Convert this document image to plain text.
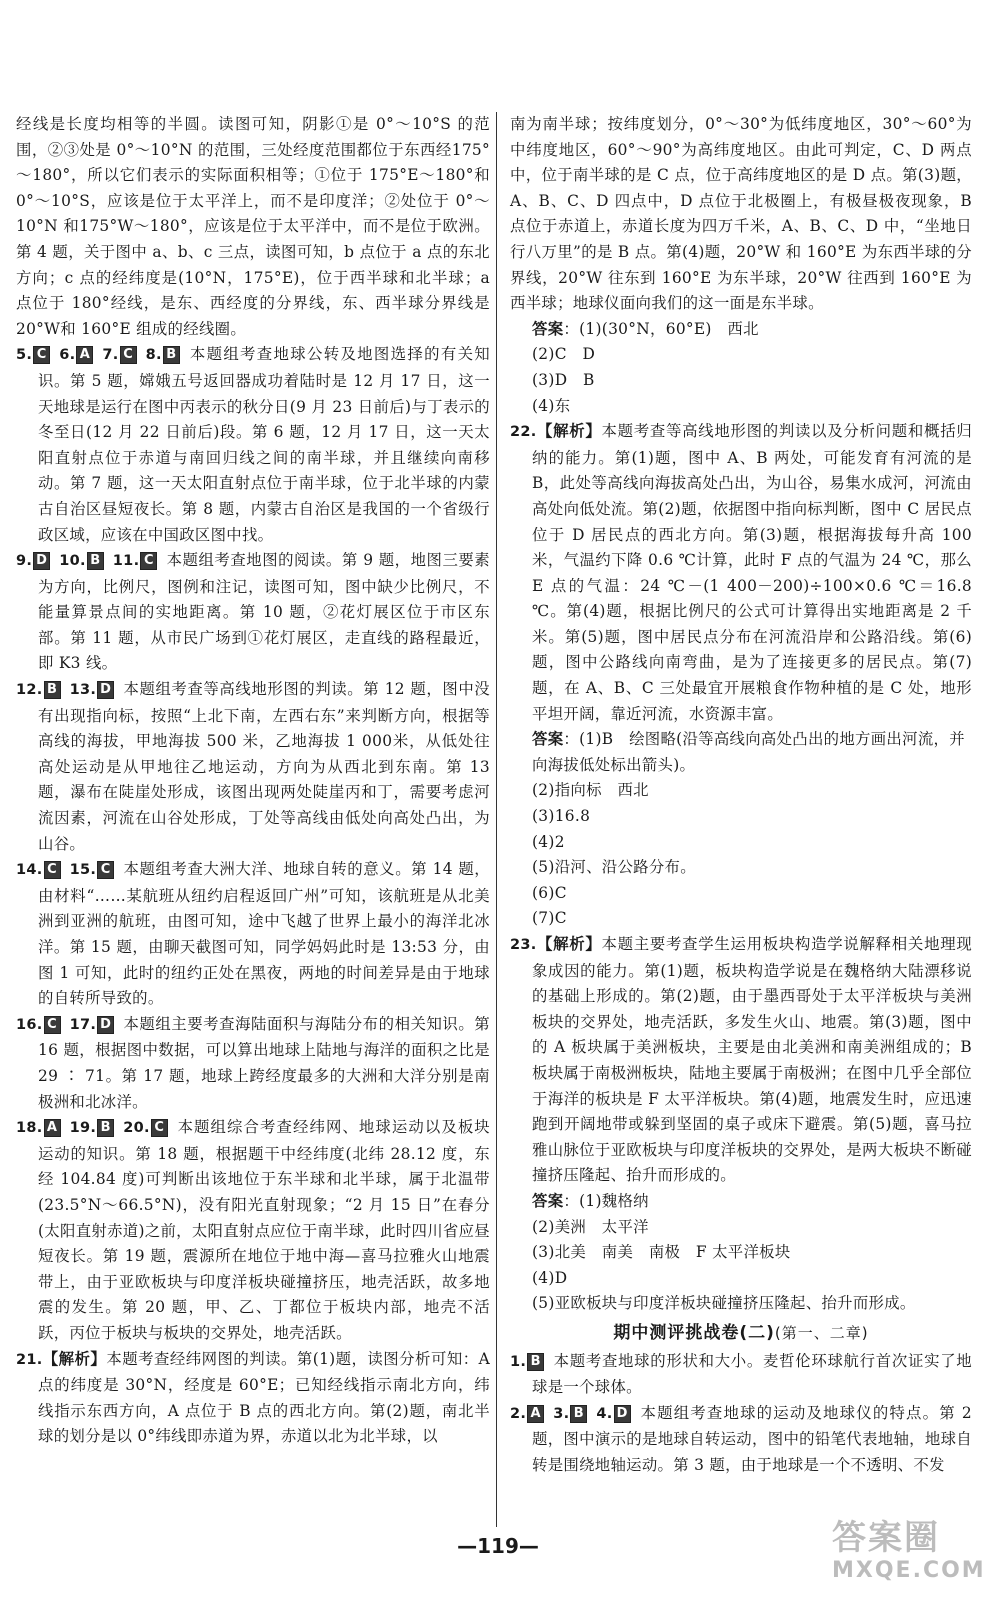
经线是长度均相等的半圆。读图可知，阴影①是 0°～10°S 的范围，②③处是 0°～10°N 的范围，三处经度范围都位于东西经175°～180°，所以它们表示的实际面积相等；①位于 175°E～180°和0°～10°S，应该是位于太平洋上，而不是印度洋；②处位于 0°～10°N 和175°W～180°，应该是位于太平洋中，而不是位于欧洲。第 4 题，关于图中 a、b、c 三点，读图可知，b 点位于 a 点的东北方向；c 点的经纬度是(10°N，175°E)，位于西半球和北半球；a 点位于 180°经线，是东、西经度的分界线，东、西半球分界线是20°W和 160°E 组成的经线圈。

5. C  6. A  7. C  8. B  本题组考查地球公转及地图选择的有关知识。第 5 题，嫦娥五号返回器成功着陆时是 12 月 17 日，这一天地球是运行在图中丙表示的秋分日(9 月 23 日前后)与丁表示的冬至日(12 月 22 日前后)段。第 6 题，12 月 17 日，这一天太阳直射点位于赤道与南回归线之间的南半球，并且继续向南移动。第 7 题，这一天太阳直射点位于南半球，位于北半球的内蒙古自治区昼短夜长。第 8 题，内蒙古自治区是我国的一个省级行政区域，应该在中国政区图中找。

9. D  10. B  11. C  本题组考查地图的阅读。第 9 题，地图三要素为方向，比例尺，图例和注记，读图可知，图中缺少比例尺，不能量算景点间的实地距离。第 10 题，②花灯展区位于市区东部。第 11 题，从市民广场到①花灯展区，走直线的路程最近，即 K3 线。

12. B  13. D  本题组考查等高线地形图的判读。第 12 题，图中没有出现指向标，按照“上北下南，左西右东”来判断方向，根据等高线的海拔，甲地海拔 500 米，乙地海拔 1 000米，从低处往高处运动是从甲地往乙地运动，方向为从西北到东南。第 13 题，瀑布在陡崖处形成，该图出现两处陡崖丙和丁，需要考虑河流因素，河流在山谷处形成，丁处等高线由低处向高处凸出，为山谷。

14. C  15. C  本题组考查大洲大洋、地球自转的意义。第 14 题，由材料“……某航班从纽约启程返回广州”可知，该航班是从北美洲到亚洲的航班，由图可知，途中飞越了世界上最小的海洋北冰洋。第 15 题，由聊天截图可知，同学妈妈此时是 13:53 分，由图 1 可知，此时的纽约正处在黑夜，两地的时间差异是由于地球的自转所导致的。

16. C  17. D  本题组主要考查海陆面积与海陆分布的相关知识。第 16 题，根据图中数据，可以算出地球上陆地与海洋的面积之比是 29 ∶ 71。第 17 题，地球上跨经度最多的大洲和大洋分别是南极洲和北冰洋。

18. A  19. B  20. C  本题组综合考查经纬网、地球运动以及板块运动的知识。第 18 题，根据题干中经纬度(北纬 28.12 度，东经 104.84 度)可判断出该地位于东半球和北半球，属于北温带(23.5°N～66.5°N)，没有阳光直射现象；“2 月 15 日”在春分(太阳直射赤道)之前，太阳直射点应位于南半球，此时四川省应昼短夜长。第 19 题，震源所在地位于地中海—喜马拉雅火山地震带上，由于亚欧板块与印度洋板块碰撞挤压，地壳活跃，故多地震的发生。第 20 题，甲、乙、丁都位于板块内部，地壳不活跃，丙位于板块与板块的交界处，地壳活跃。

21.【解析】本题考查经纬网图的判读。第(1)题，读图分析可知：A 点的纬度是 30°N，经度是 60°E；已知经线指示南北方向，纬线指示东西方向，A 点位于 B 点的西北方向。第(2)题，南北半球的划分是以 0°纬线即赤道为界，赤道以北为北半球，以

南为南半球；按纬度划分，0°～30°为低纬度地区，30°～60°为中纬度地区，60°～90°为高纬度地区。由此可判定，C、D 两点中，位于南半球的是 C 点，位于高纬度地区的是 D 点。第(3)题，A、B、C、D 四点中，D 点位于北极圈上，有极昼极夜现象，B 点位于赤道上，赤道长度为四万千米，A、B、C、D 中，“坐地日行八万里”的是 B 点。第(4)题，20°W 和 160°E 为东西半球的分界线，20°W 往东到 160°E 为东半球，20°W 往西到 160°E 为西半球；地球仪面向我们的这一面是东半球。

答案：(1)(30°N，60°E)　西北

(2)C　D

(3)D　B

(4)东

22.【解析】本题考查等高线地形图的判读以及分析问题和概括归纳的能力。第(1)题，图中 A、B 两处，可能发育有河流的是 B，此处等高线向海拔高处凸出，为山谷，易集水成河，河流由高处向低处流。第(2)题，依据图中指向标判断，图中 C 居民点位于 D 居民点的西北方向。第(3)题，根据海拔每升高 100 米，气温约下降 0.6 ℃计算，此时 F 点的气温为 24 ℃，那么 E 点的气温：24 ℃－(1 400－200)÷100×0.6 ℃＝16.8 ℃。第(4)题，根据比例尺的公式可计算得出实地距离是 2 千米。第(5)题，图中居民点分布在河流沿岸和公路沿线。第(6)题，图中公路线向南弯曲，是为了连接更多的居民点。第(7)题，在 A、B、C 三处最宜开展粮食作物种植的是 C 处，地形平坦开阔，靠近河流，水资源丰富。

答案：(1)B　绘图略(沿等高线向高处凸出的地方画出河流，并向海拔低处标出箭头)。

(2)指向标　西北

(3)16.8

(4)2

(5)沿河、沿公路分布。

(6)C

(7)C

23.【解析】本题主要考查学生运用板块构造学说解释相关地理现象成因的能力。第(1)题，板块构造学说是在魏格纳大陆漂移说的基础上形成的。第(2)题，由于墨西哥处于太平洋板块与美洲板块的交界处，地壳活跃，多发生火山、地震。第(3)题，图中的 A 板块属于美洲板块，主要是由北美洲和南美洲组成的；B 板块属于南极洲板块，陆地主要属于南极洲；在图中几乎全部位于海洋的板块是 F 太平洋板块。第(4)题，地震发生时，应迅速跑到开阔地带或躲到坚固的桌子或床下避震。第(5)题，喜马拉雅山脉位于亚欧板块与印度洋板块的交界处，是两大板块不断碰撞挤压隆起、抬升而形成的。

答案：(1)魏格纳

(2)美洲　太平洋

(3)北美　南美　南极　F 太平洋板块

(4)D

(5)亚欧板块与印度洋板块碰撞挤压隆起、抬升而形成。

期中测评挑战卷(二)(第一、二章)

1. B  本题考查地球的形状和大小。麦哲伦环球航行首次证实了地球是一个球体。

2. A  3. B  4. D  本题组考查地球的运动及地球仪的特点。第 2 题，图中演示的是地球自转运动，图中的铅笔代表地轴，地球自转是围绕地轴运动。第 3 题，由于地球是一个不透明、不发

—119—	答案圈
MXQE.COM
